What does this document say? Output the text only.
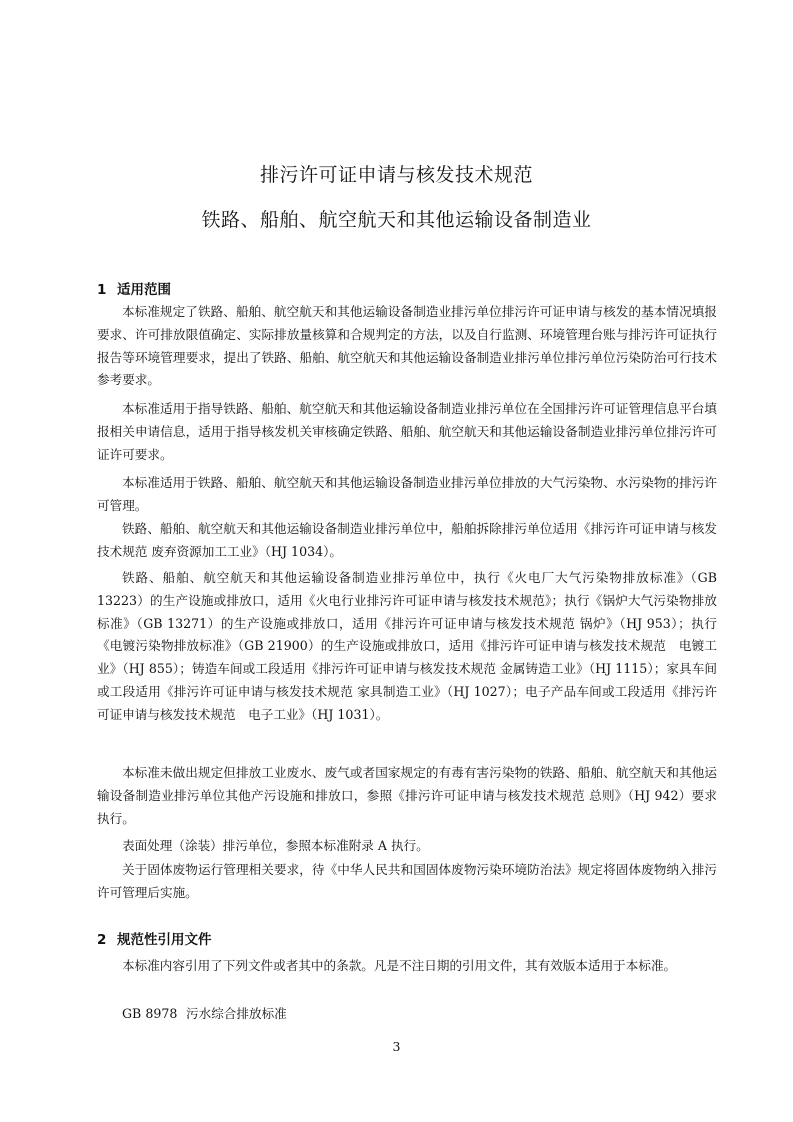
排污许可证申请与核发技术规范
铁路、船舶、航空航天和其他运输设备制造业
1 适用范围

本标准规定了铁路、船舶、航空航天和其他运输设备制造业排污单位排污许可证申请与核发的基本情况填报要求、许可排放限值确定、实际排放量核算和合规判定的方法，以及自行监测、环境管理台账与排污许可证执行报告等环境管理要求，提出了铁路、船舶、航空航天和其他运输设备制造业排污单位排污单位污染防治可行技术参考要求。

本标准适用于指导铁路、船舶、航空航天和其他运输设备制造业排污单位在全国排污许可证管理信息平台填报相关申请信息，适用于指导核发机关审核确定铁路、船舶、航空航天和其他运输设备制造业排污单位排污许可证许可要求。

本标准适用于铁路、船舶、航空航天和其他运输设备制造业排污单位排放的大气污染物、水污染物的排污许可管理。

铁路、船舶、航空航天和其他运输设备制造业排污单位中，船舶拆除排污单位适用《排污许可证申请与核发技术规范 废弃资源加工工业》（HJ 1034）。

铁路、船舶、航空航天和其他运输设备制造业排污单位中，执行《火电厂大气污染物排放标准》（GB 13223）的生产设施或排放口，适用《火电行业排污许可证申请与核发技术规范》；执行《锅炉大气污染物排放标准》（GB 13271）的生产设施或排放口，适用《排污许可证申请与核发技术规范 锅炉》（HJ 953）；执行《电镀污染物排放标准》（GB 21900）的生产设施或排放口，适用《排污许可证申请与核发技术规范　电镀工业》（HJ 855）；铸造车间或工段适用《排污许可证申请与核发技术规范 金属铸造工业》（HJ 1115）；家具车间或工段适用《排污许可证申请与核发技术规范 家具制造工业》（HJ 1027）；电子产品车间或工段适用《排污许可证申请与核发技术规范　电子工业》（HJ 1031）。

本标准未做出规定但排放工业废水、废气或者国家规定的有毒有害污染物的铁路、船舶、航空航天和其他运输设备制造业排污单位其他产污设施和排放口，参照《排污许可证申请与核发技术规范 总则》（HJ 942）要求执行。

表面处理（涂装）排污单位，参照本标准附录 A 执行。

关于固体废物运行管理相关要求，待《中华人民共和国固体废物污染环境防治法》规定将固体废物纳入排污许可管理后实施。

2 规范性引用文件

本标准内容引用了下列文件或者其中的条款。凡是不注日期的引用文件，其有效版本适用于本标准。

GB 8978 污水综合排放标准
3
